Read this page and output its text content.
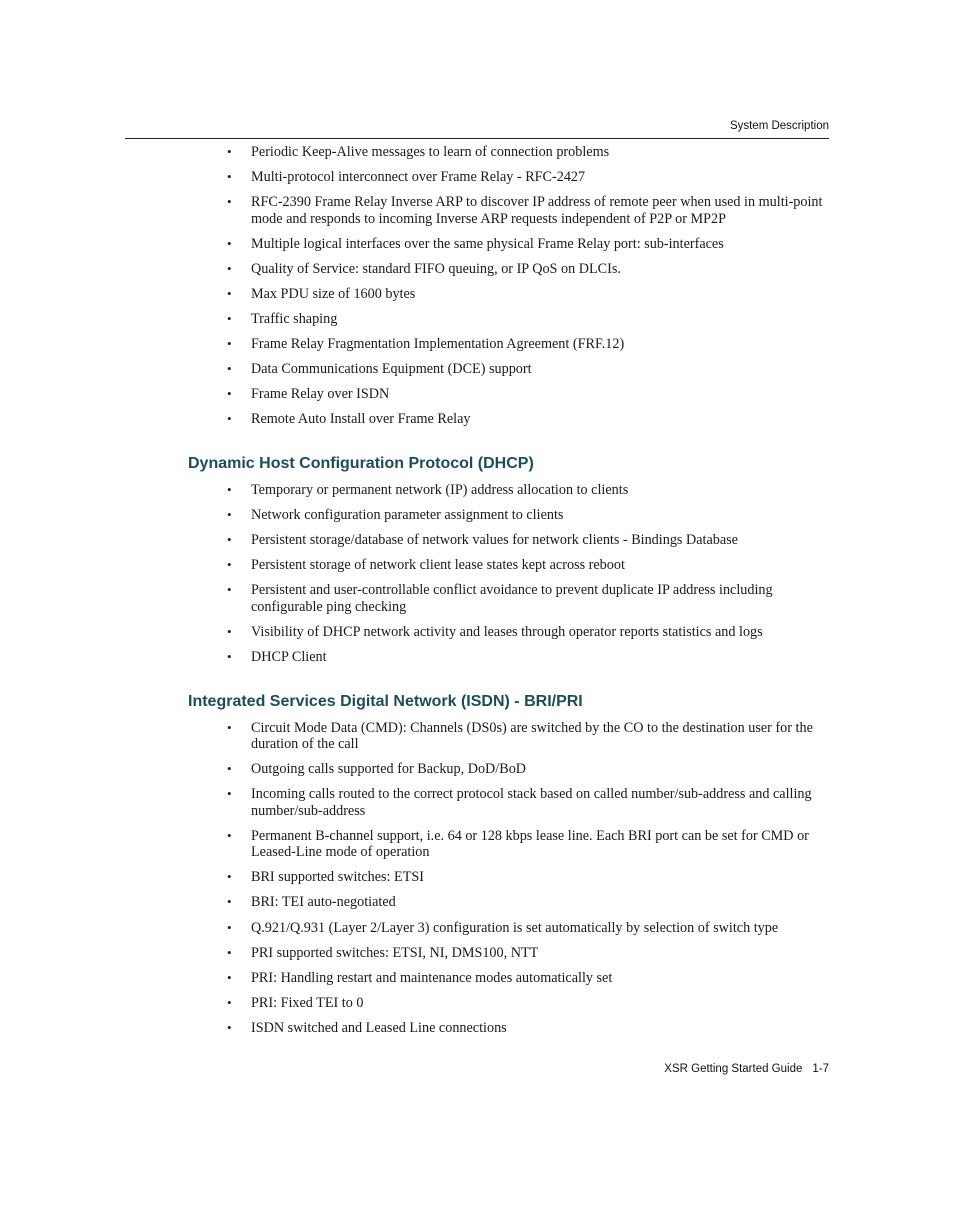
System Description
• Periodic Keep-Alive messages to learn of connection problems
• Multi-protocol interconnect over Frame Relay - RFC-2427
• RFC-2390 Frame Relay Inverse ARP to discover IP address of remote peer when used in multi-point mode and responds to incoming Inverse ARP requests independent of P2P or MP2P
• Multiple logical interfaces over the same physical Frame Relay port: sub-interfaces
• Quality of Service: standard FIFO queuing, or IP QoS on DLCIs.
• Max PDU size of 1600 bytes
• Traffic shaping
• Frame Relay Fragmentation Implementation Agreement (FRF.12)
• Data Communications Equipment (DCE) support
• Frame Relay over ISDN
• Remote Auto Install over Frame Relay
Dynamic Host Configuration Protocol (DHCP)
• Temporary or permanent network (IP) address allocation to clients
• Network configuration parameter assignment to clients
• Persistent storage/database of network values for network clients - Bindings Database
• Persistent storage of network client lease states kept across reboot
• Persistent and user-controllable conflict avoidance to prevent duplicate IP address including configurable ping checking
• Visibility of DHCP network activity and leases through operator reports statistics and logs
• DHCP Client
Integrated Services Digital Network (ISDN) - BRI/PRI
• Circuit Mode Data (CMD): Channels (DS0s) are switched by the CO to the destination user for the duration of the call
• Outgoing calls supported for Backup, DoD/BoD
• Incoming calls routed to the correct protocol stack based on called number/sub-address and calling number/sub-address
• Permanent B-channel support, i.e. 64 or 128 kbps lease line. Each BRI port can be set for CMD or Leased-Line mode of operation
• BRI supported switches: ETSI
• BRI: TEI auto-negotiated
• Q.921/Q.931 (Layer 2/Layer 3) configuration is set automatically by selection of switch type
• PRI supported switches: ETSI, NI, DMS100, NTT
• PRI: Handling restart and maintenance modes automatically set
• PRI: Fixed TEI to 0
• ISDN switched and Leased Line connections
XSR Getting Started Guide 1-7
